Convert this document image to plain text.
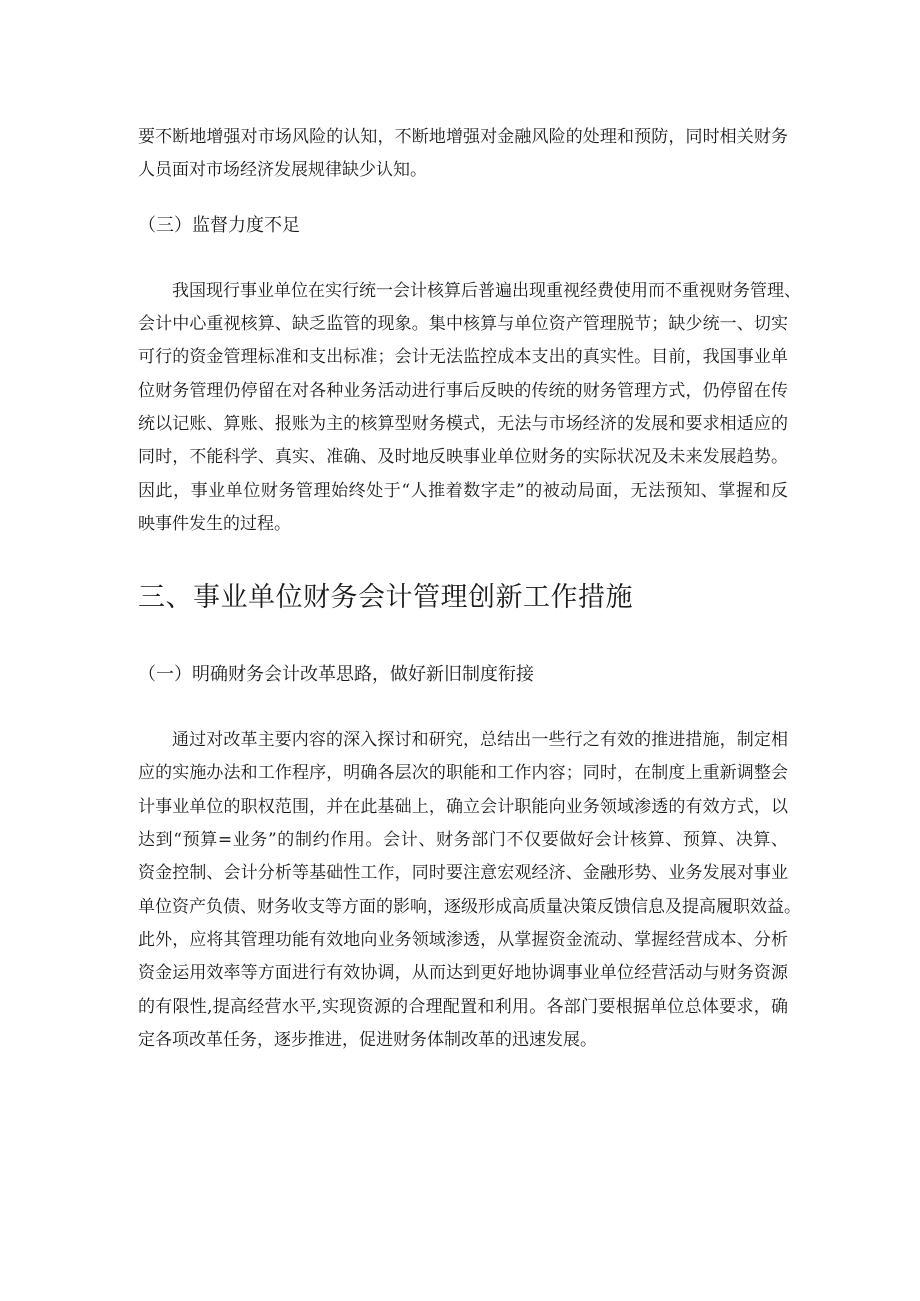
要不断地增强对市场风险的认知，不断地增强对金融风险的处理和预防，同时相关财务
人员面对市场经济发展规律缺少认知。
（三）监督力度不足
我国现行事业单位在实行统一会计核算后普遍出现重视经费使用而不重视财务管理、
会计中心重视核算、缺乏监管的现象。集中核算与单位资产管理脱节；缺少统一、切实
可行的资金管理标准和支出标准；会计无法监控成本支出的真实性。目前，我国事业单
位财务管理仍停留在对各种业务活动进行事后反映的传统的财务管理方式，仍停留在传
统以记账、算账、报账为主的核算型财务模式，无法与市场经济的发展和要求相适应的
同时，不能科学、真实、准确、及时地反映事业单位财务的实际状况及未来发展趋势。
因此，事业单位财务管理始终处于“人推着数字走”的被动局面，无法预知、掌握和反
映事件发生的过程。
三、事业单位财务会计管理创新工作措施
（一）明确财务会计改革思路，做好新旧制度衔接
通过对改革主要内容的深入探讨和研究，总结出一些行之有效的推进措施，制定相
应的实施办法和工作程序，明确各层次的职能和工作内容；同时，在制度上重新调整会
计事业单位的职权范围，并在此基础上，确立会计职能向业务领域渗透的有效方式，以
达到“预算=业务”的制约作用。会计、财务部门不仅要做好会计核算、预算、决算、
资金控制、会计分析等基础性工作，同时要注意宏观经济、金融形势、业务发展对事业
单位资产负债、财务收支等方面的影响，逐级形成高质量决策反馈信息及提高履职效益。
此外，应将其管理功能有效地向业务领域渗透，从掌握资金流动、掌握经营成本、分析
资金运用效率等方面进行有效协调，从而达到更好地协调事业单位经营活动与财务资源
的有限性,提高经营水平,实现资源的合理配置和利用。各部门要根据单位总体要求，确
定各项改革任务，逐步推进，促进财务体制改革的迅速发展。
